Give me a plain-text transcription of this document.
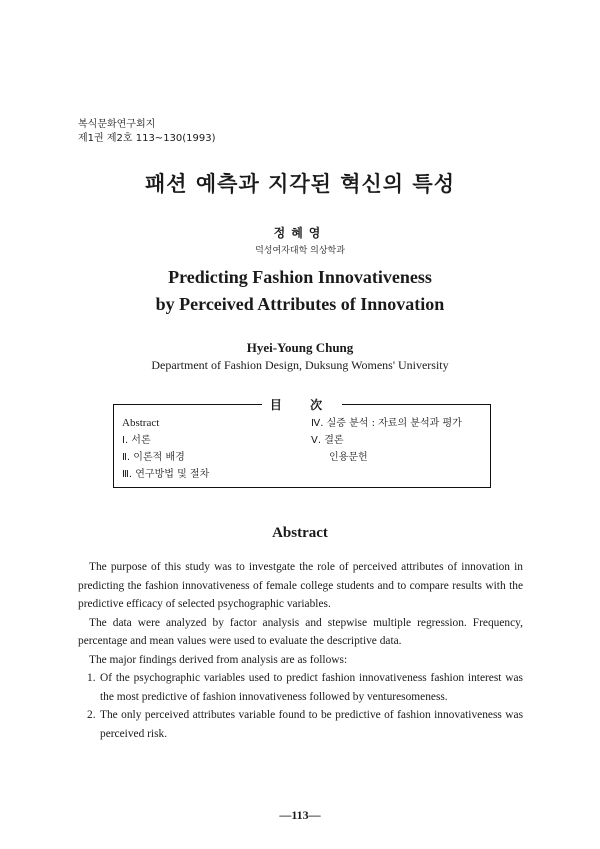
복식문화연구회지
제1권 제2호 113~130(1993)
패션 예측과 지각된 혁신의 특성
정혜영
덕성여자대학 의상학과
Predicting Fashion Innovativeness
by Perceived Attributes of Innovation
Hyei-Young Chung
Department of Fashion Design, Duksung Womens' University
目 次
Abstract
Ⅰ. 서론
Ⅱ. 이론적 배경
Ⅲ. 연구방법 및 절차
Ⅳ. 실증 분석 : 자료의 분석과 평가
Ⅴ. 결론
인용문헌
Abstract

The purpose of this study was to investgate the role of perceived attributes of innovation in predicting the fashion innovativeness of female college students and to compare results with the predictive efficacy of selected psychographic variables.

The data were analyzed by factor analysis and stepwise multiple regression. Frequency, percentage and mean values were used to evaluate the descriptive data.

The major findings derived from analysis are as follows:

1. Of the psychographic variables used to predict fashion innovativeness fashion interest was the most predictive of fashion innovativeness followed by venturesomeness.
2. The only perceived attributes variable found to be predictive of fashion innovativeness was perceived risk.
—113—
